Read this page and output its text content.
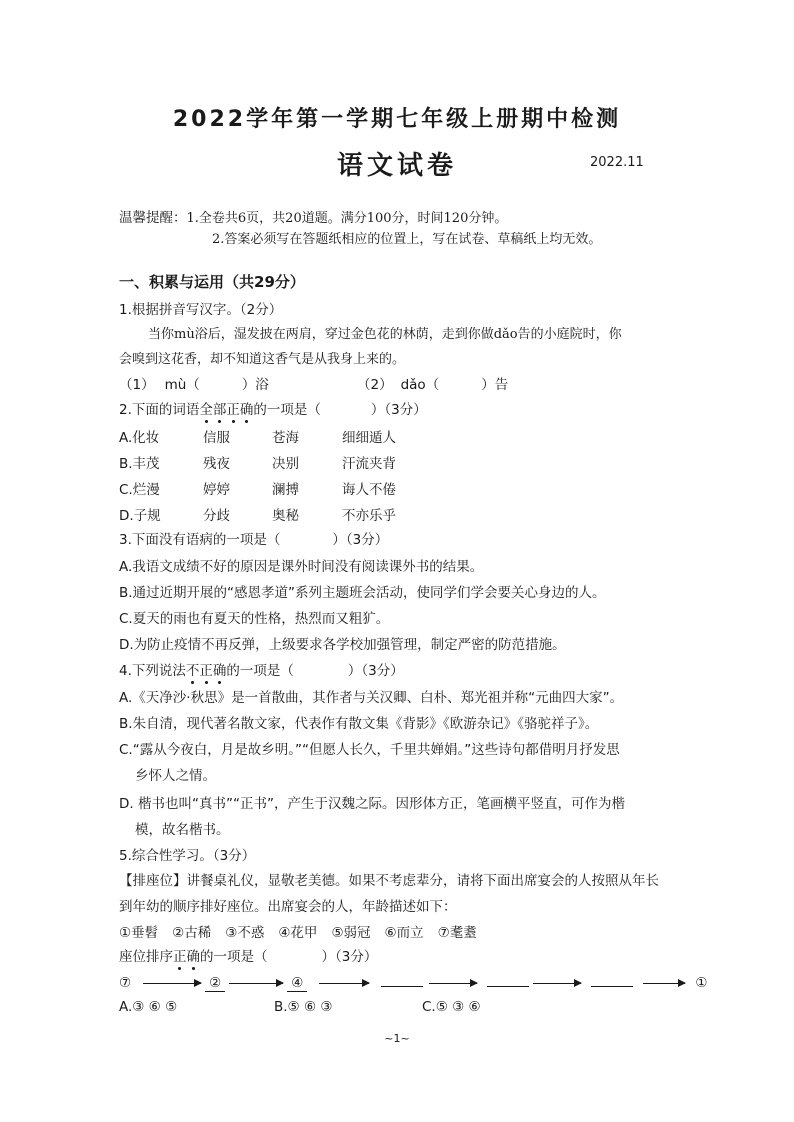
2022学年第一学期七年级上册期中检测
语文试卷	2022.11
温馨提醒：1.全卷共6页，共20道题。满分100分，时间120分钟。
2.答案必须写在答题纸相应的位置上，写在试卷、草稿纸上均无效。
一、积累与运用（共29分）
1.根据拼音写汉字。（2分）
当你mù浴后，湿发披在两肩，穿过金色花的林荫，走到你做dǎo告的小庭院时，你
会嗅到这花香，却不知道这香气是从我身上来的。
（1） mù（	）浴	（2） dǎo（	）告
2.下面的词语全部正确的一项是（	）（3分）
A.化妆	信服	苍海	细细遁人
B.丰茂	残夜	决别	汗流夹背
C.烂漫	婷婷	澜搏	诲人不倦
D.子规	分歧	奥秘	不亦乐乎
3.下面没有语病的一项是（	）（3分）
A.我语文成绩不好的原因是课外时间没有阅读课外书的结果。
B.通过近期开展的“感恩孝道”系列主题班会活动，使同学们学会要关心身边的人。
C.夏天的雨也有夏天的性格，热烈而又粗犷。
D.为防止疫情不再反弹，上级要求各学校加强管理，制定严密的防范措施。
4.下列说法不正确的一项是（	）（3分）
A.《天净沙·秋思》是一首散曲，其作者与关汉卿、白朴、郑光祖并称“元曲四大家”。
B.朱自清，现代著名散文家，代表作有散文集《背影》《欧游杂记》《骆驼祥子》。
C.“露从今夜白，月是故乡明。”“但愿人长久，千里共婵娟。”这些诗句都借明月抒发思
乡怀人之情。
D. 楷书也叫“真书”“正书”，产生于汉魏之际。因形体方正，笔画横平竖直，可作为楷
模，故名楷书。
5.综合性学习。（3分）
【排座位】讲餐桌礼仪，显敬老美德。如果不考虑辈分，请将下面出席宴会的人按照从年长
到年幼的顺序排好座位。出席宴会的人，年龄描述如下：
①垂髫 ②古稀 ③不惑 ④花甲 ⑤弱冠 ⑥而立 ⑦耄耋
座位排序正确的一项是（	）（3分）
⑦	②	④	①
A.③ ⑥ ⑤	B.⑤ ⑥ ③	C.⑤ ③ ⑥
~1~
